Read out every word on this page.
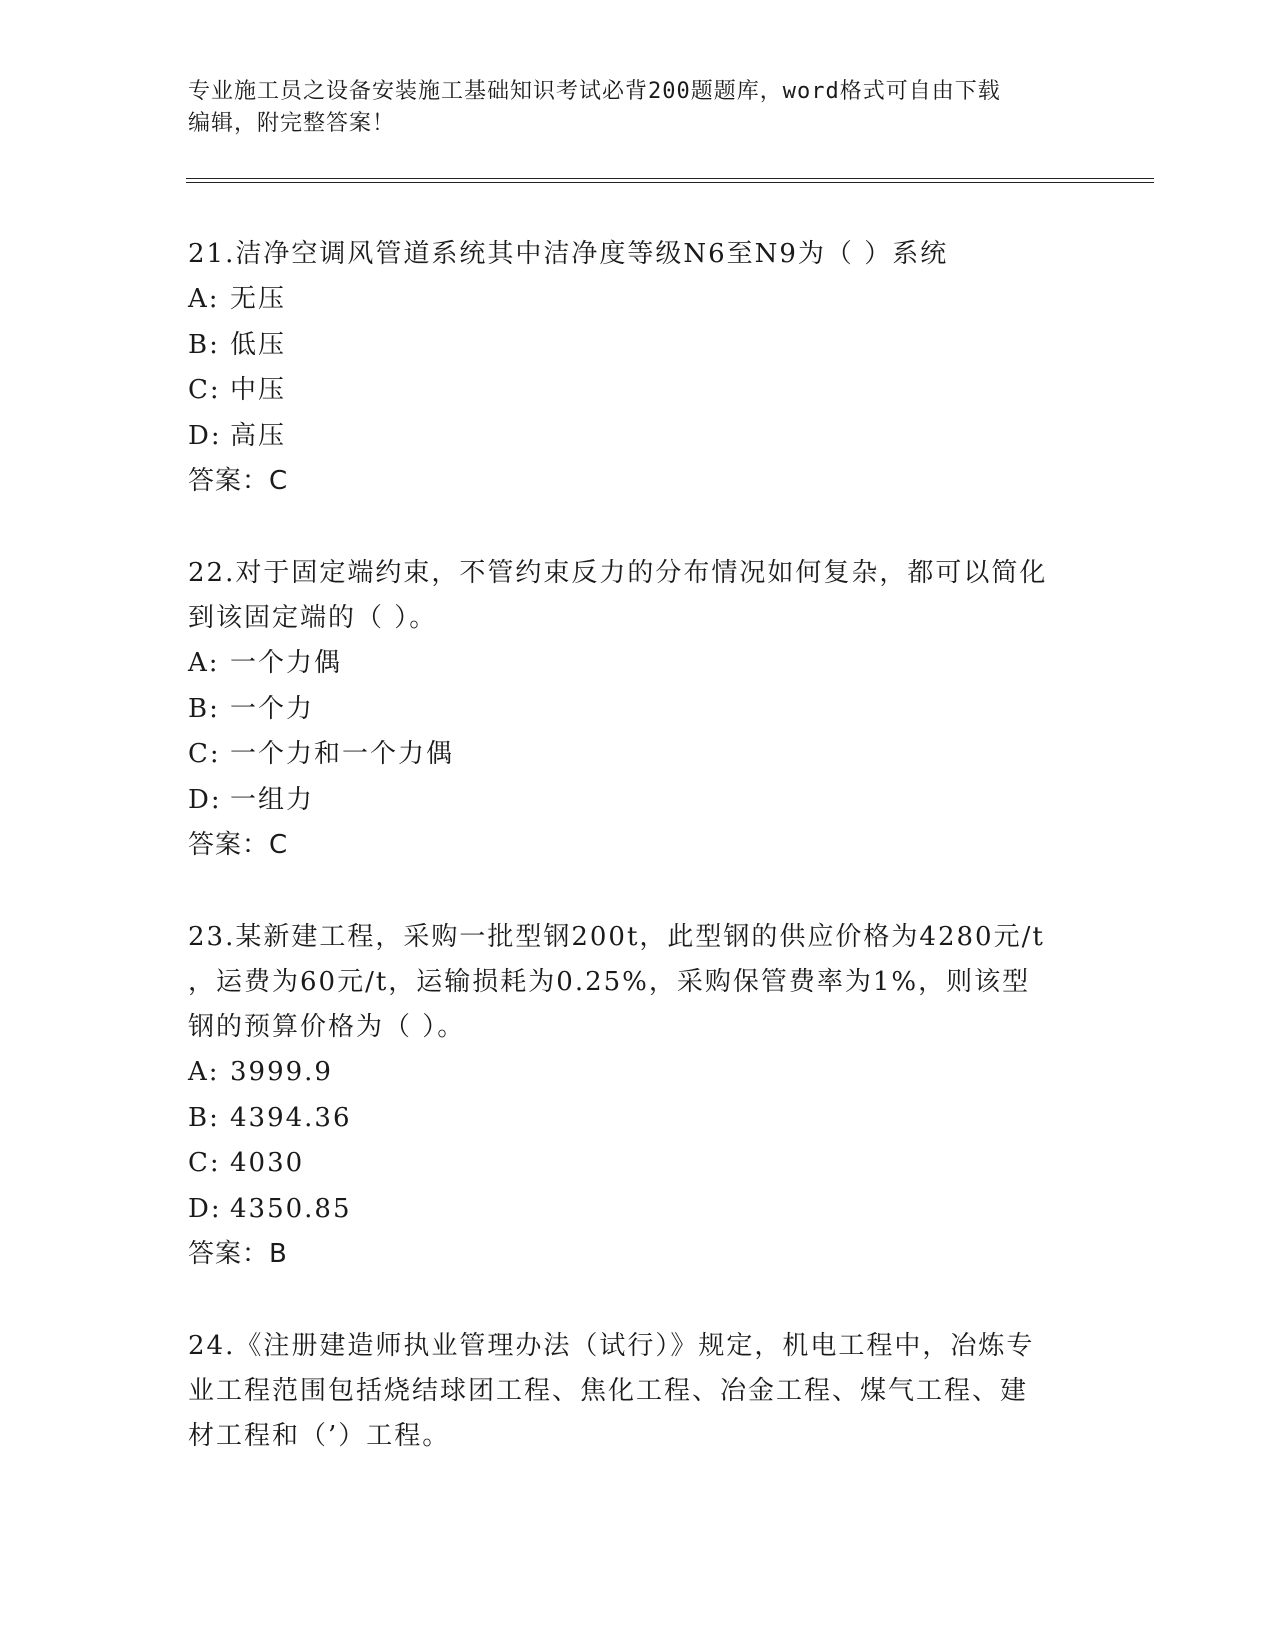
专业施工员之设备安装施工基础知识考试必背200题题库，word格式可自由下载
编辑，附完整答案！

21.洁净空调风管道系统其中洁净度等级N6至N9为（ ）系统

A: 无压

B: 低压

C: 中压

D: 高压

答案：C

22.对于固定端约束，不管约束反力的分布情况如何复杂，都可以简化
到该固定端的（ ）。

A: 一个力偶

B: 一个力

C: 一个力和一个力偶

D: 一组力

答案：C

23.某新建工程，采购一批型钢200t，此型钢的供应价格为4280元/t
，运费为60元/t，运输损耗为0.25%，采购保管费率为1%，则该型
钢的预算价格为（ ）。

A: 3999.9

B: 4394.36

C: 4030

D: 4350.85

答案：B

24.《注册建造师执业管理办法（试行）》规定，机电工程中，冶炼专
业工程范围包括烧结球团工程、焦化工程、冶金工程、煤气工程、建
材工程和（’）工程。
